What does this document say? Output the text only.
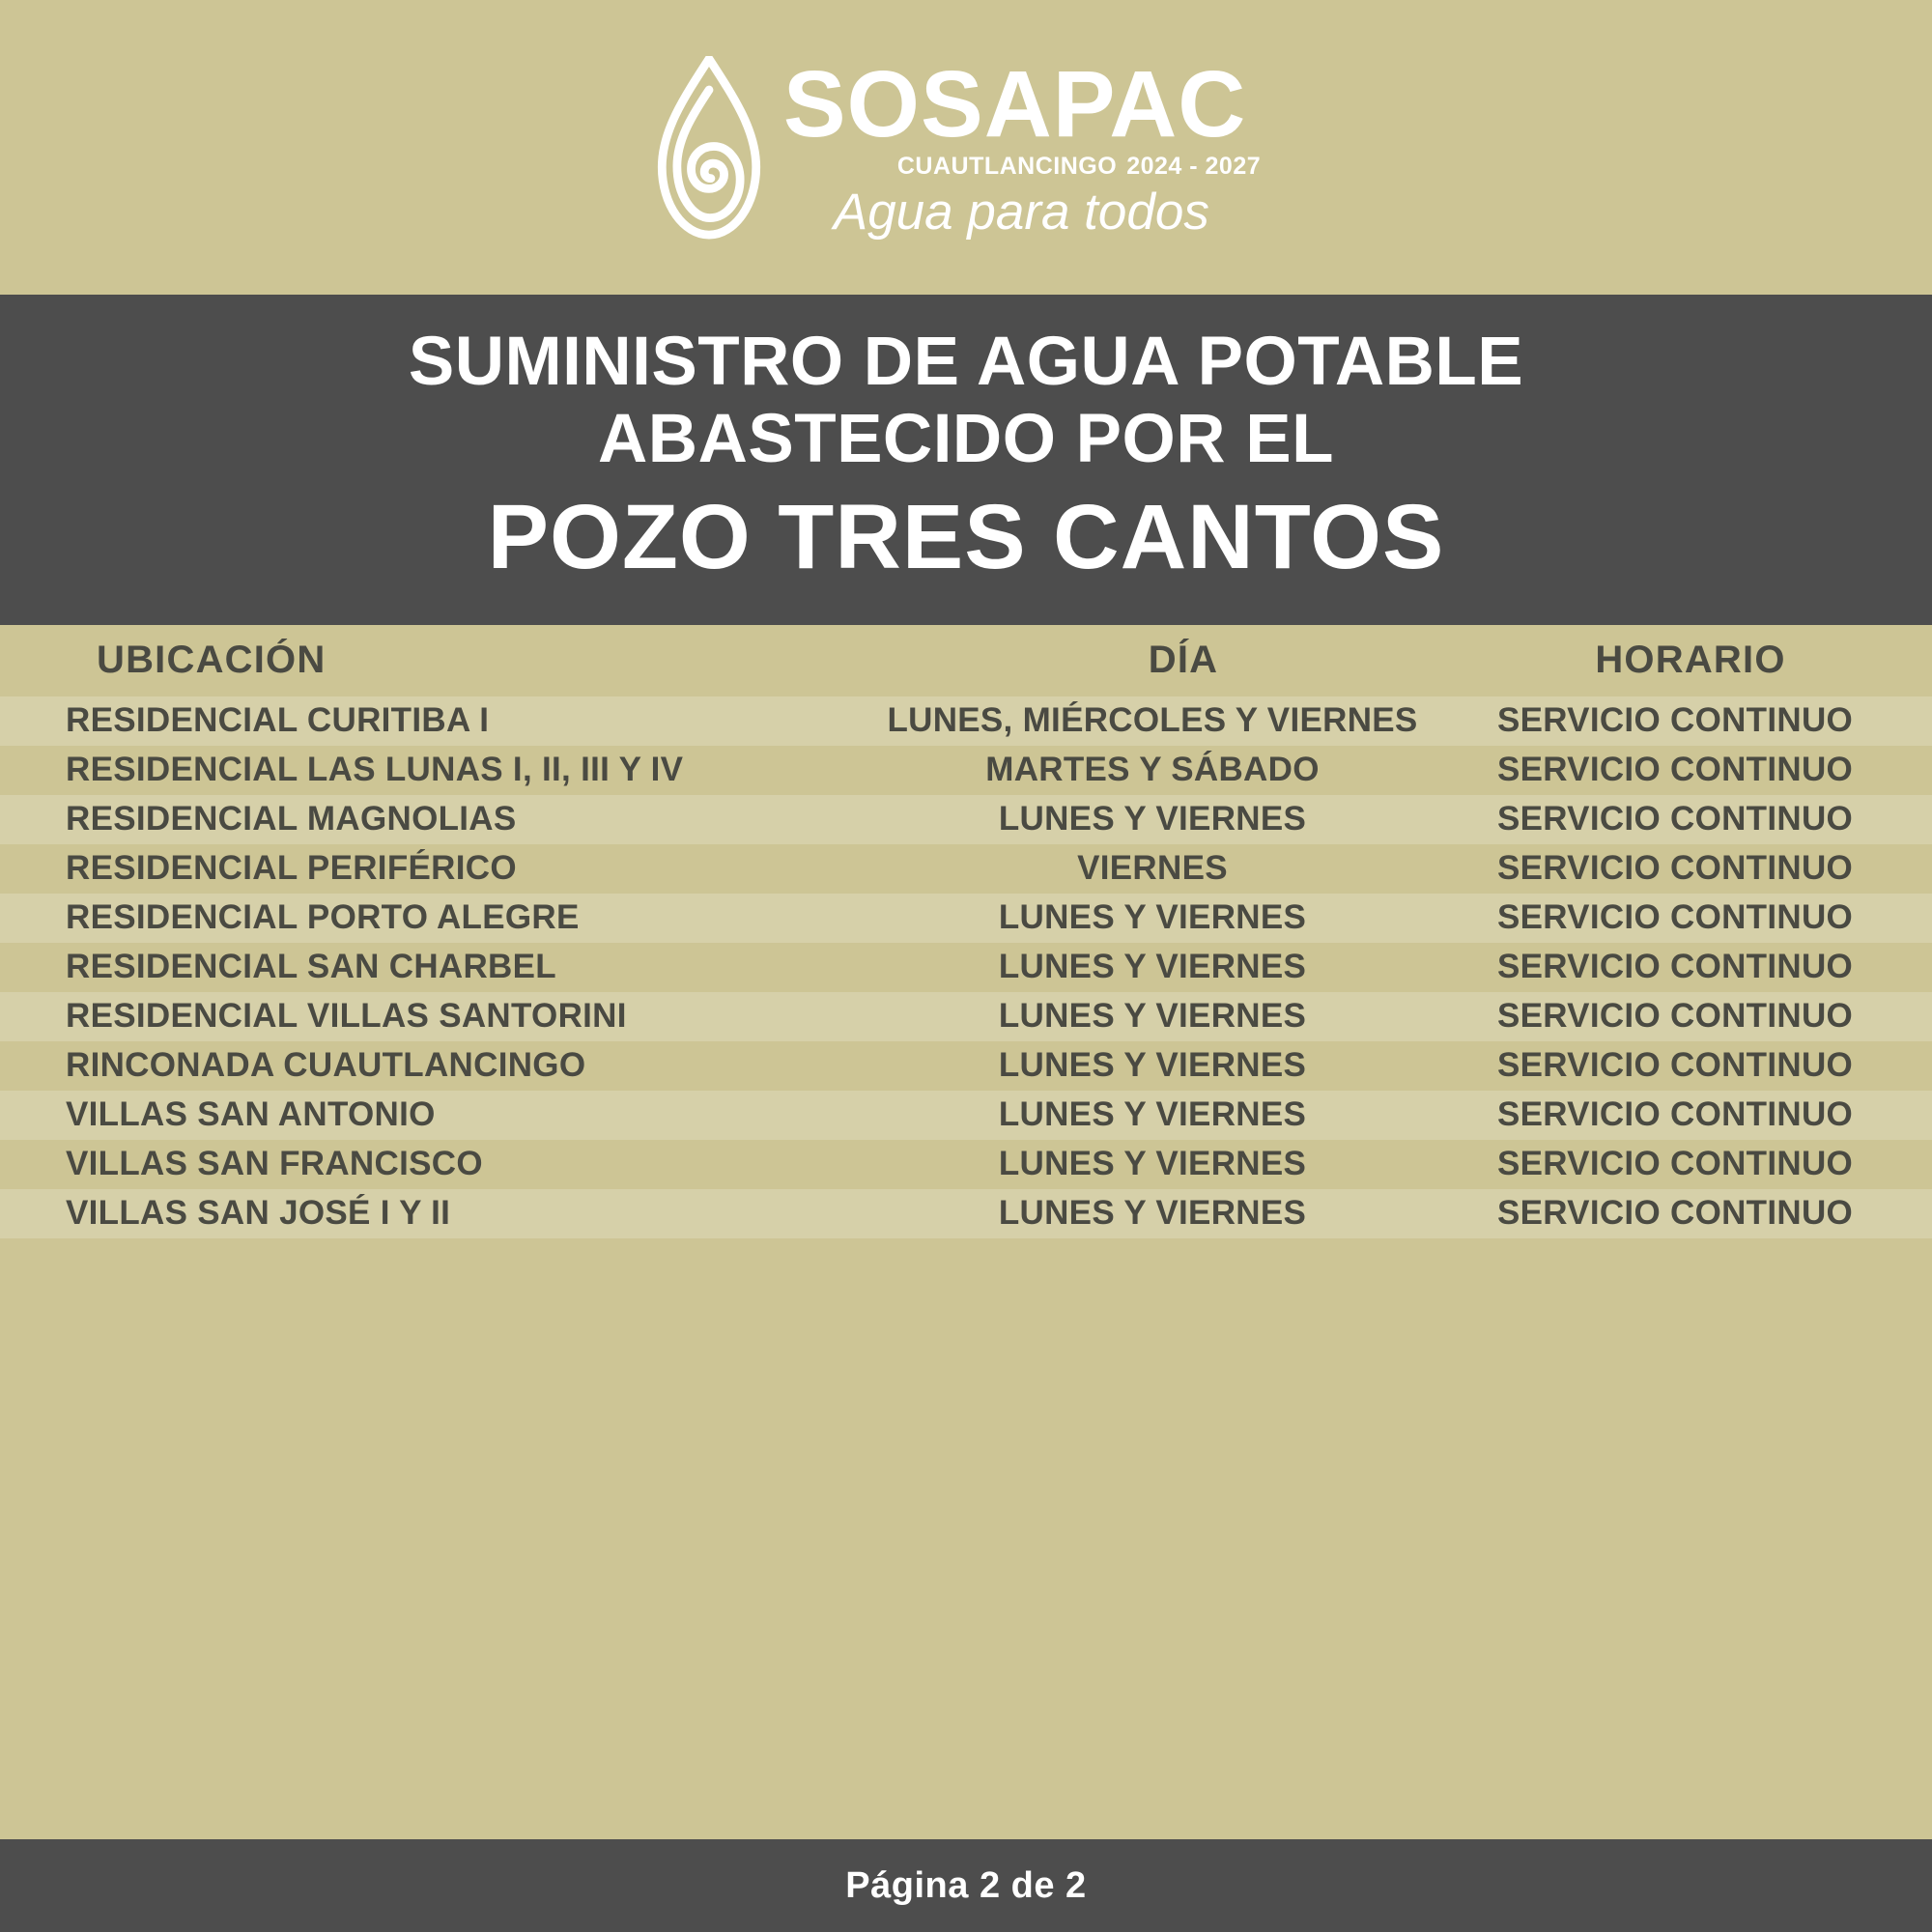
SOSAPAC
CUAUTLANCINGO 2024 - 2027
Agua para todos
SUMINISTRO DE AGUA POTABLE
ABASTECIDO POR EL
POZO TRES CANTOS
UBICACIÓN	DÍA	HORARIO
RESIDENCIAL CURITIBA I	LUNES, MIÉRCOLES Y VIERNES	SERVICIO CONTINUO
RESIDENCIAL LAS LUNAS I, II, III Y IV	MARTES Y SÁBADO	SERVICIO CONTINUO
RESIDENCIAL MAGNOLIAS	LUNES Y VIERNES	SERVICIO CONTINUO
RESIDENCIAL PERIFÉRICO	VIERNES	SERVICIO CONTINUO
RESIDENCIAL PORTO ALEGRE	LUNES Y VIERNES	SERVICIO CONTINUO
RESIDENCIAL SAN CHARBEL	LUNES Y VIERNES	SERVICIO CONTINUO
RESIDENCIAL VILLAS SANTORINI	LUNES Y VIERNES	SERVICIO CONTINUO
RINCONADA CUAUTLANCINGO	LUNES Y VIERNES	SERVICIO CONTINUO
VILLAS SAN ANTONIO	LUNES Y VIERNES	SERVICIO CONTINUO
VILLAS SAN FRANCISCO	LUNES Y VIERNES	SERVICIO CONTINUO
VILLAS SAN JOSÉ I Y II	LUNES Y VIERNES	SERVICIO CONTINUO
Página 2 de 2
